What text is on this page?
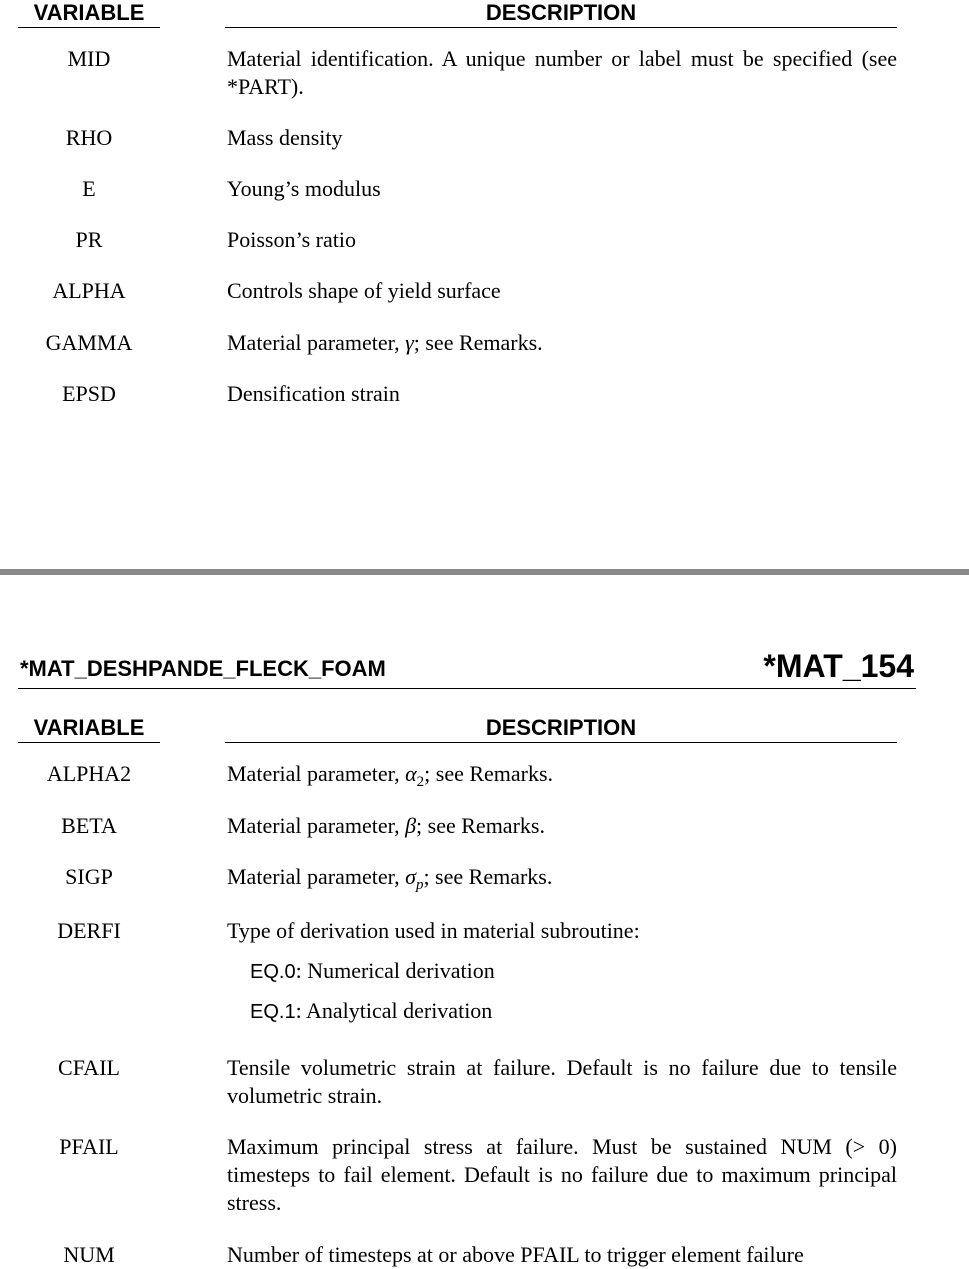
VARIABLE	DESCRIPTION
MID	Material identification. A unique number or label must be specified (see *PART).
RHO	Mass density
E	Young’s modulus
PR	Poisson’s ratio
ALPHA	Controls shape of yield surface
GAMMA	Material parameter, γ; see Remarks.
EPSD	Densification strain
*MAT_DESHPANDE_FLECK_FOAM	*MAT_154
VARIABLE	DESCRIPTION
ALPHA2	Material parameter, $\alpha_2$; see Remarks.
BETA	Material parameter, β; see Remarks.
SIGP	Material parameter, $\sigma_p$; see Remarks.
DERFI	Type of derivation used in material subroutine:
EQ.0: Numerical derivation
EQ.1: Analytical derivation
CFAIL	Tensile volumetric strain at failure. Default is no failure due to tensile volumetric strain.
PFAIL	Maximum principal stress at failure. Must be sustained NUM (> 0) timesteps to fail element. Default is no failure due to maximum principal stress.
NUM	Number of timesteps at or above PFAIL to trigger element failure
